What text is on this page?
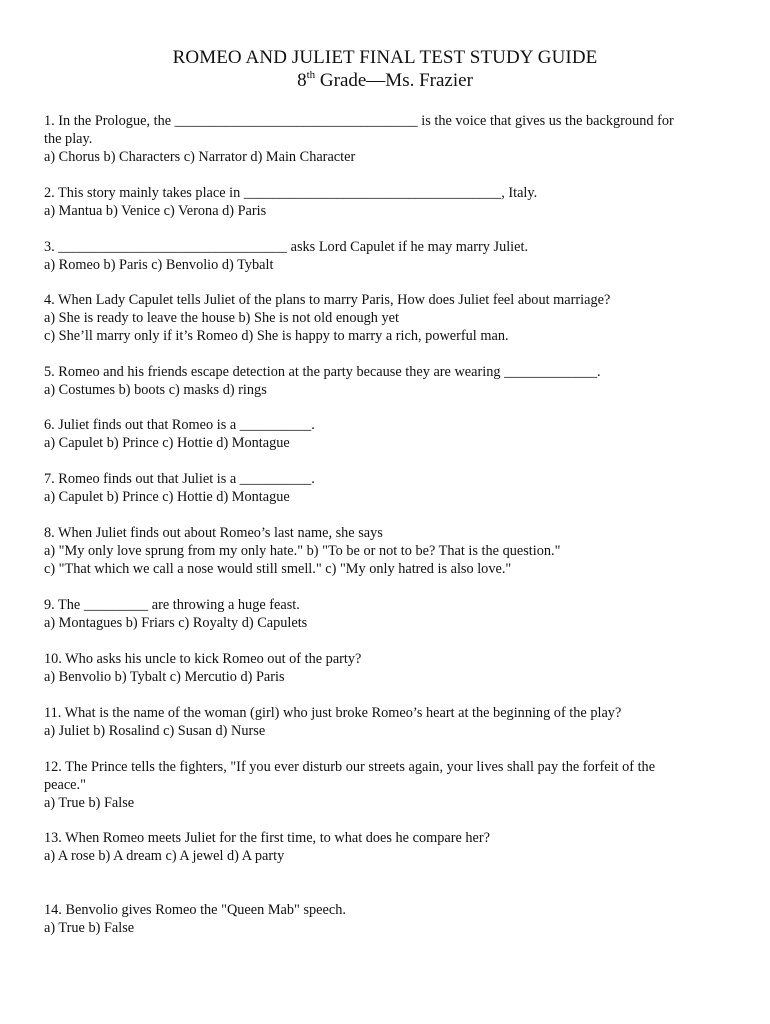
ROMEO AND JULIET FINAL TEST STUDY GUIDE
8th Grade—Ms. Frazier
1. In the Prologue, the __________________________________ is the voice that gives us the background for
the play.
a) Chorus b) Characters c) Narrator d) Main Character
2. This story mainly takes place in ____________________________________, Italy.
a) Mantua b) Venice c) Verona d) Paris
3. ________________________________ asks Lord Capulet if he may marry Juliet.
a) Romeo b) Paris c) Benvolio d) Tybalt
4. When Lady Capulet tells Juliet of the plans to marry Paris, How does Juliet feel about marriage?
a) She is ready to leave the house b) She is not old enough yet
c) She’ll marry only if it’s Romeo d) She is happy to marry a rich, powerful man.
5. Romeo and his friends escape detection at the party because they are wearing _____________.
a) Costumes b) boots c) masks d) rings
6. Juliet finds out that Romeo is a __________.
a) Capulet b) Prince c) Hottie d) Montague
7. Romeo finds out that Juliet is a __________.
a) Capulet b) Prince c) Hottie d) Montague
8. When Juliet finds out about Romeo’s last name, she says
a) "My only love sprung from my only hate." b) "To be or not to be? That is the question."
c) "That which we call a nose would still smell." c) "My only hatred is also love."
9. The _________ are throwing a huge feast.
a) Montagues b) Friars c) Royalty d) Capulets
10. Who asks his uncle to kick Romeo out of the party?
a) Benvolio b) Tybalt c) Mercutio d) Paris
11. What is the name of the woman (girl) who just broke Romeo’s heart at the beginning of the play?
a) Juliet b) Rosalind c) Susan d) Nurse
12. The Prince tells the fighters, "If you ever disturb our streets again, your lives shall pay the forfeit of the
peace."
a) True b) False
13. When Romeo meets Juliet for the first time, to what does he compare her?
a) A rose b) A dream c) A jewel d) A party
14. Benvolio gives Romeo the "Queen Mab" speech.
a) True b) False
